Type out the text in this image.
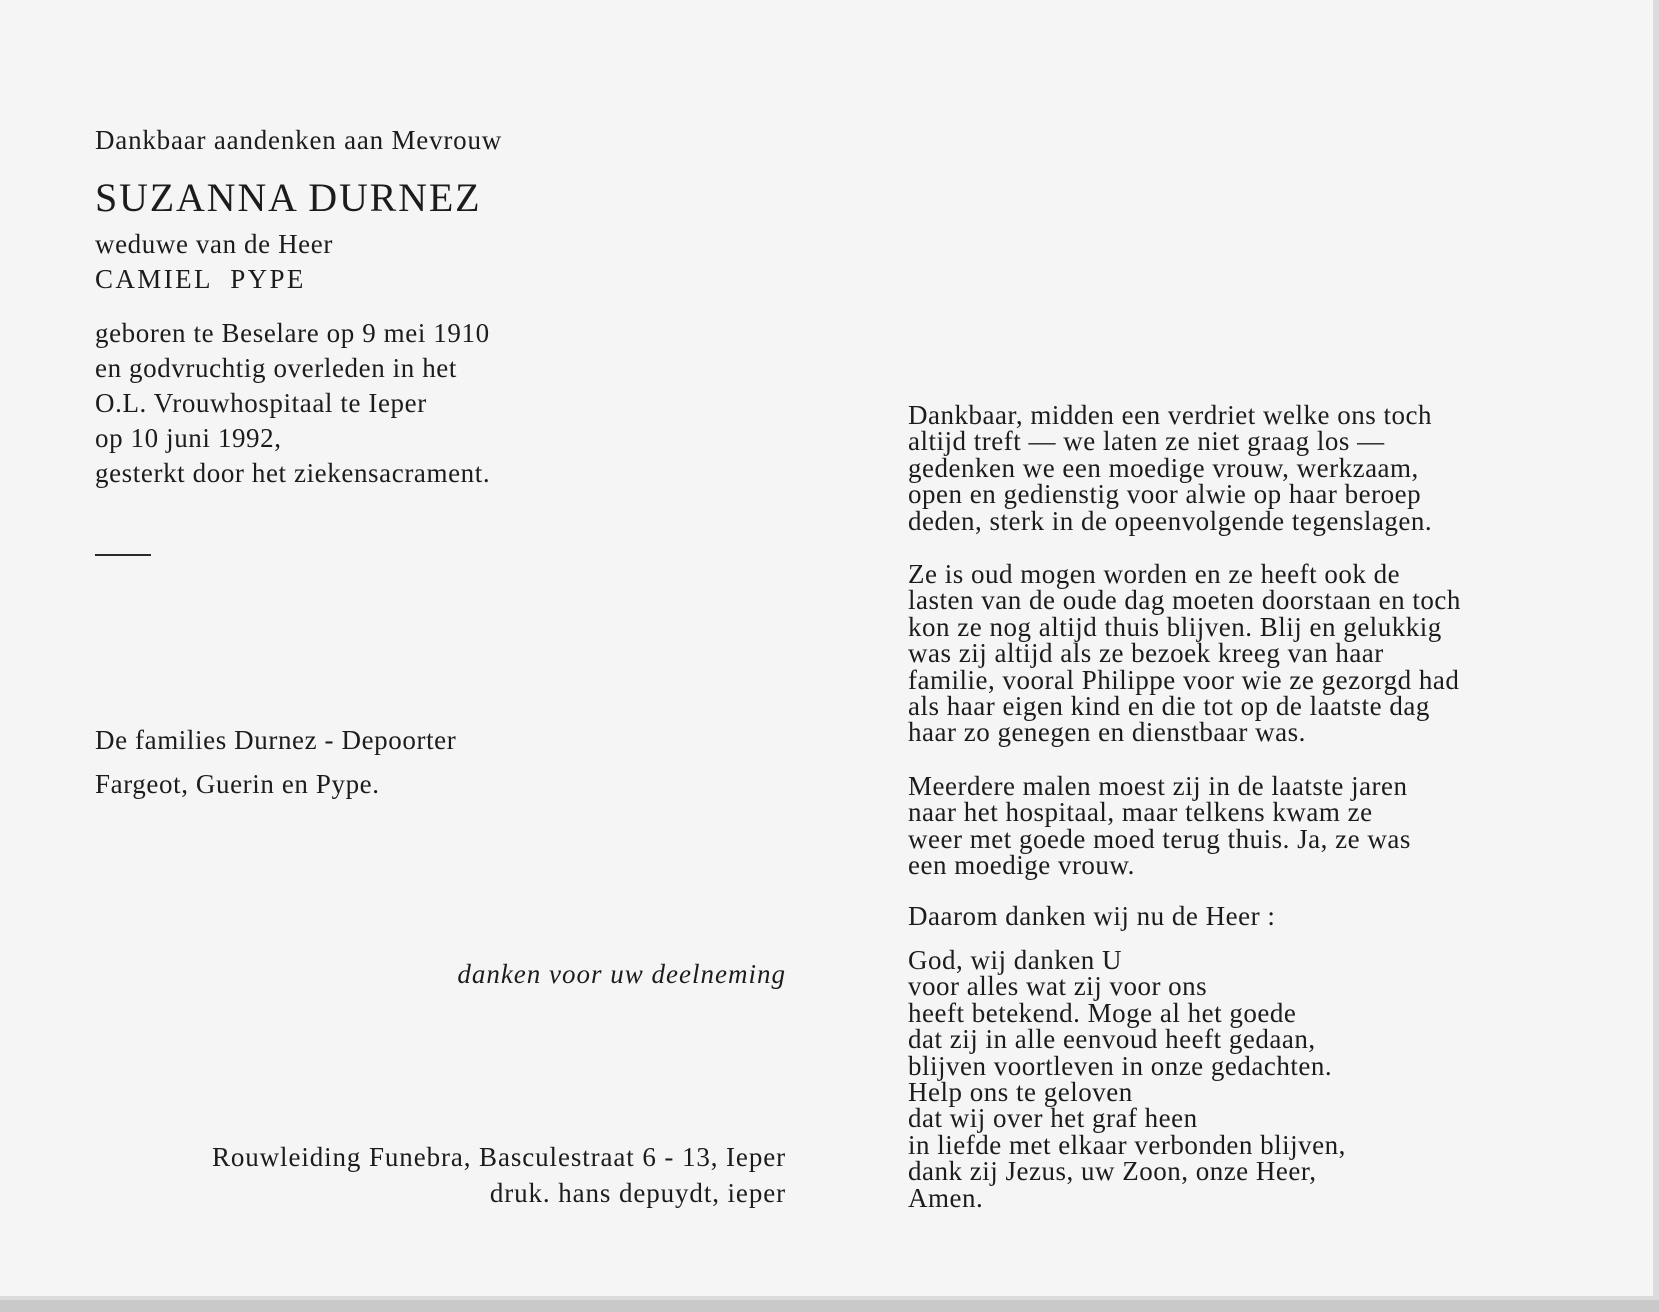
Dankbaar aandenken aan Mevrouw
SUZANNA DURNEZ
weduwe van de Heer
CAMIEL  PYPE
geboren te Beselare op 9 mei 1910
en godvruchtig overleden in het
O.L. Vrouwhospitaal te Ieper
op 10 juni 1992,
gesterkt door het ziekensacrament.
De families Durnez - Depoorter
Fargeot, Guerin en Pype.
danken voor uw deelneming
Rouwleiding Funebra, Basculestraat 6 - 13, Ieper
druk. hans depuydt, ieper
Dankbaar, midden een verdriet welke ons toch
altijd treft — we laten ze niet graag los —
gedenken we een moedige vrouw, werkzaam,
open en gedienstig voor alwie op haar beroep
deden, sterk in de opeenvolgende tegenslagen.
Ze is oud mogen worden en ze heeft ook de
lasten van de oude dag moeten doorstaan en toch
kon ze nog altijd thuis blijven. Blij en gelukkig
was zij altijd als ze bezoek kreeg van haar
familie, vooral Philippe voor wie ze gezorgd had
als haar eigen kind en die tot op de laatste dag
haar zo genegen en dienstbaar was.
Meerdere malen moest zij in de laatste jaren
naar het hospitaal, maar telkens kwam ze
weer met goede moed terug thuis. Ja, ze was
een moedige vrouw.
Daarom danken wij nu de Heer :
God, wij danken U
voor alles wat zij voor ons
heeft betekend. Moge al het goede
dat zij in alle eenvoud heeft gedaan,
blijven voortleven in onze gedachten.
Help ons te geloven
dat wij over het graf heen
in liefde met elkaar verbonden blijven,
dank zij Jezus, uw Zoon, onze Heer,
Amen.
